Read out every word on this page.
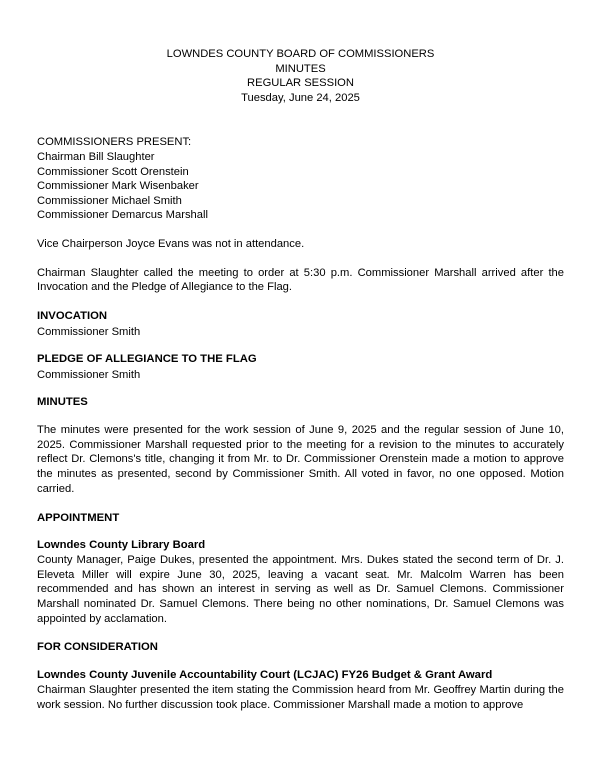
LOWNDES COUNTY BOARD OF COMMISSIONERS
MINUTES
REGULAR SESSION
Tuesday, June 24, 2025
COMMISSIONERS PRESENT:
Chairman Bill Slaughter
Commissioner Scott Orenstein
Commissioner Mark Wisenbaker
Commissioner Michael Smith
Commissioner Demarcus Marshall

Vice Chairperson Joyce Evans was not in attendance.

Chairman Slaughter called the meeting to order at 5:30 p.m. Commissioner Marshall arrived after the Invocation and the Pledge of Allegiance to the Flag.

INVOCATION
Commissioner Smith
PLEDGE OF ALLEGIANCE TO THE FLAG
Commissioner Smith
MINUTES

The minutes were presented for the work session of June 9, 2025 and the regular session of June 10, 2025. Commissioner Marshall requested prior to the meeting for a revision to the minutes to accurately reflect Dr. Clemons's title, changing it from Mr. to Dr. Commissioner Orenstein made a motion to approve the minutes as presented, second by Commissioner Smith. All voted in favor, no one opposed. Motion carried.

APPOINTMENT
Lowndes County Library Board

County Manager, Paige Dukes, presented the appointment. Mrs. Dukes stated the second term of Dr. J. Eleveta Miller will expire June 30, 2025, leaving a vacant seat. Mr. Malcolm Warren has been recommended and has shown an interest in serving as well as Dr. Samuel Clemons. Commissioner Marshall nominated Dr. Samuel Clemons. There being no other nominations, Dr. Samuel Clemons was appointed by acclamation.

FOR CONSIDERATION
Lowndes County Juvenile Accountability Court (LCJAC) FY26 Budget & Grant Award

Chairman Slaughter presented the item stating the Commission heard from Mr. Geoffrey Martin during the work session. No further discussion took place. Commissioner Marshall made a motion to approve
